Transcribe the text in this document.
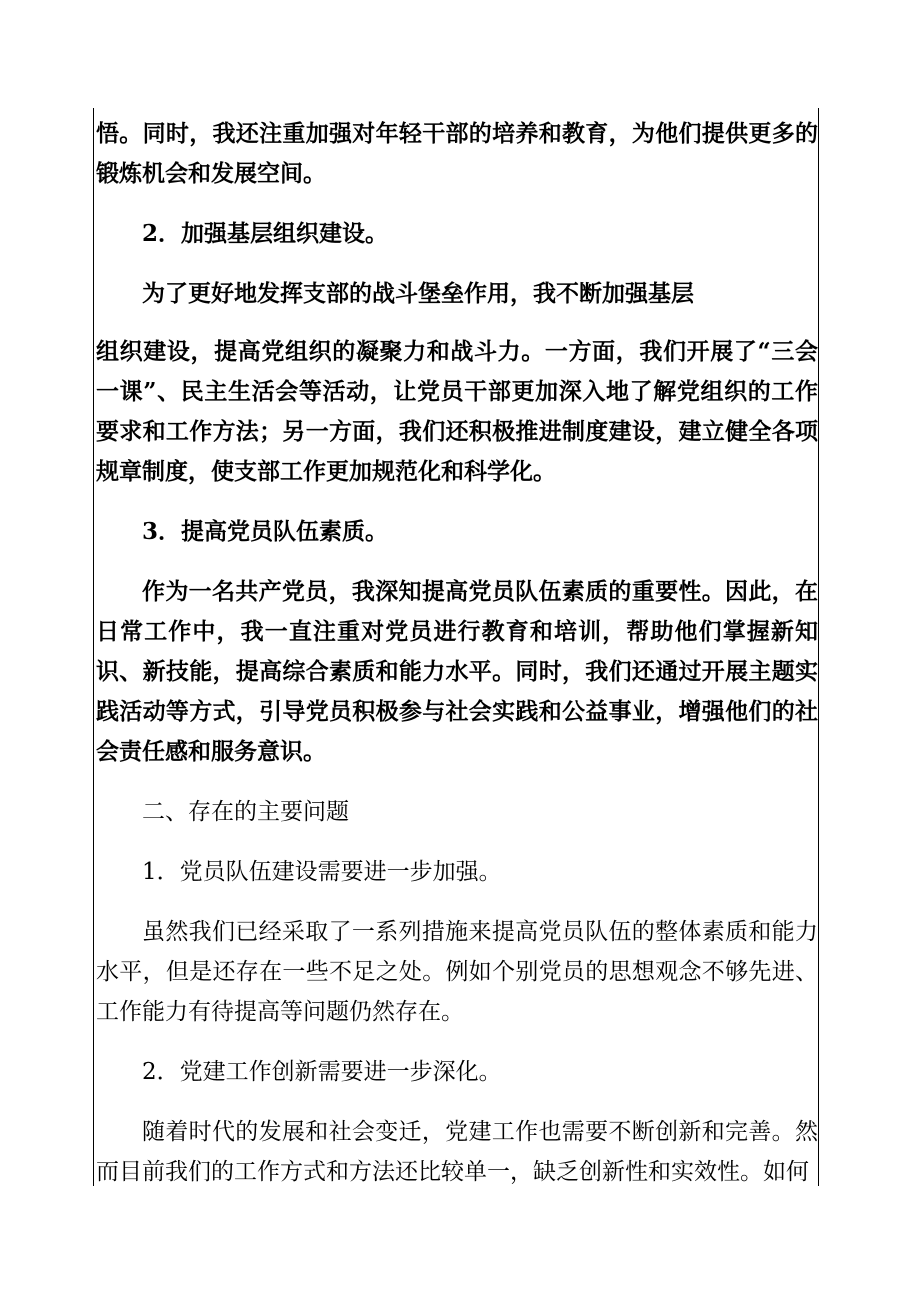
悟。同时，我还注重加强对年轻干部的培养和教育，为他们提供更多的锻炼机会和发展空间。

2．加强基层组织建设。

为了更好地发挥支部的战斗堡垒作用，我不断加强基层

组织建设，提高党组织的凝聚力和战斗力。一方面，我们开展了“三会一课”、民主生活会等活动，让党员干部更加深入地了解党组织的工作要求和工作方法；另一方面，我们还积极推进制度建设，建立健全各项规章制度，使支部工作更加规范化和科学化。

3．提高党员队伍素质。

作为一名共产党员，我深知提高党员队伍素质的重要性。因此，在日常工作中，我一直注重对党员进行教育和培训，帮助他们掌握新知识、新技能，提高综合素质和能力水平。同时，我们还通过开展主题实践活动等方式，引导党员积极参与社会实践和公益事业，增强他们的社会责任感和服务意识。

二、存在的主要问题

1．党员队伍建设需要进一步加强。

虽然我们已经采取了一系列措施来提高党员队伍的整体素质和能力水平，但是还存在一些不足之处。例如个别党员的思想观念不够先进、工作能力有待提高等问题仍然存在。

2．党建工作创新需要进一步深化。

随着时代的发展和社会变迁，党建工作也需要不断创新和完善。然而目前我们的工作方式和方法还比较单一，缺乏创新性和实效性。如何
